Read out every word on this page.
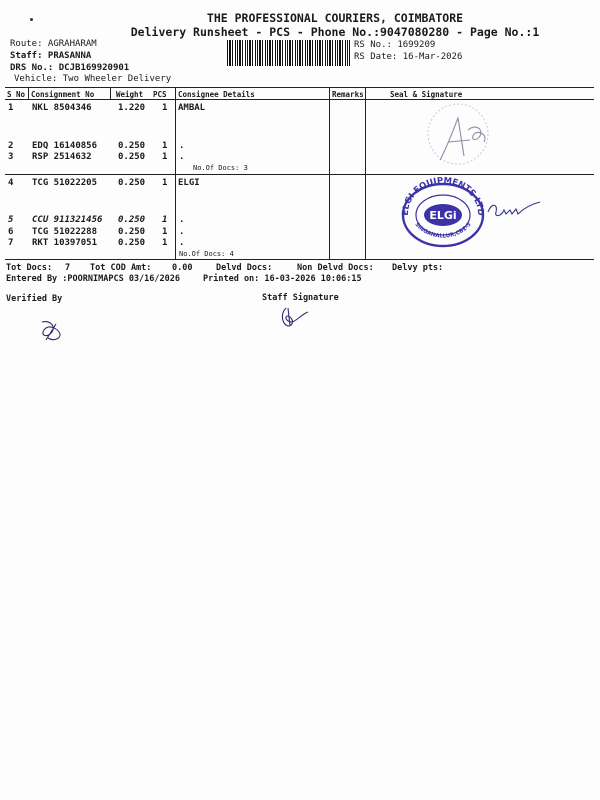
THE PROFESSIONAL COURIERS, COIMBATORE
Delivery Runsheet - PCS - Phone No.:9047080280 - Page No.:1
Route: AGRAHARAM
Staff: PRASANNA
DRS No.: DCJB169920901
Vehicle: Two Wheeler Delivery
RS No.: 1699209
RS Date: 16-Mar-2026
S No Consignment No	Weight PCS Consignee Details	Remarks	Seal & Signature
1 NKL 8504346	1.220 1 AMBAL
2 EDQ 16140856 0.250 1 .
3 RSP 2514632	0.250 1 .
No.Of Docs: 3
4 TCG 51022205 0.250 1 ELGI
5 CCU 911321456 0.250 1 .
6 TCG 51022288 0.250 1 .
7 RKT 10397051 0.250 1 .
No.Of Docs: 4
ELGI EQUIPMENTS LTD
ELGi
SINGANALLUR,CBE-5
Tot Docs: 7 Tot COD Amt: 0.00	Delvd Docs:	Non Delvd Docs: Delvy pts:
Entered By :POORNIMAPCS 03/16/2026	Printed on: 16-03-2026 10:06:15
Verified By	Staff Signature
